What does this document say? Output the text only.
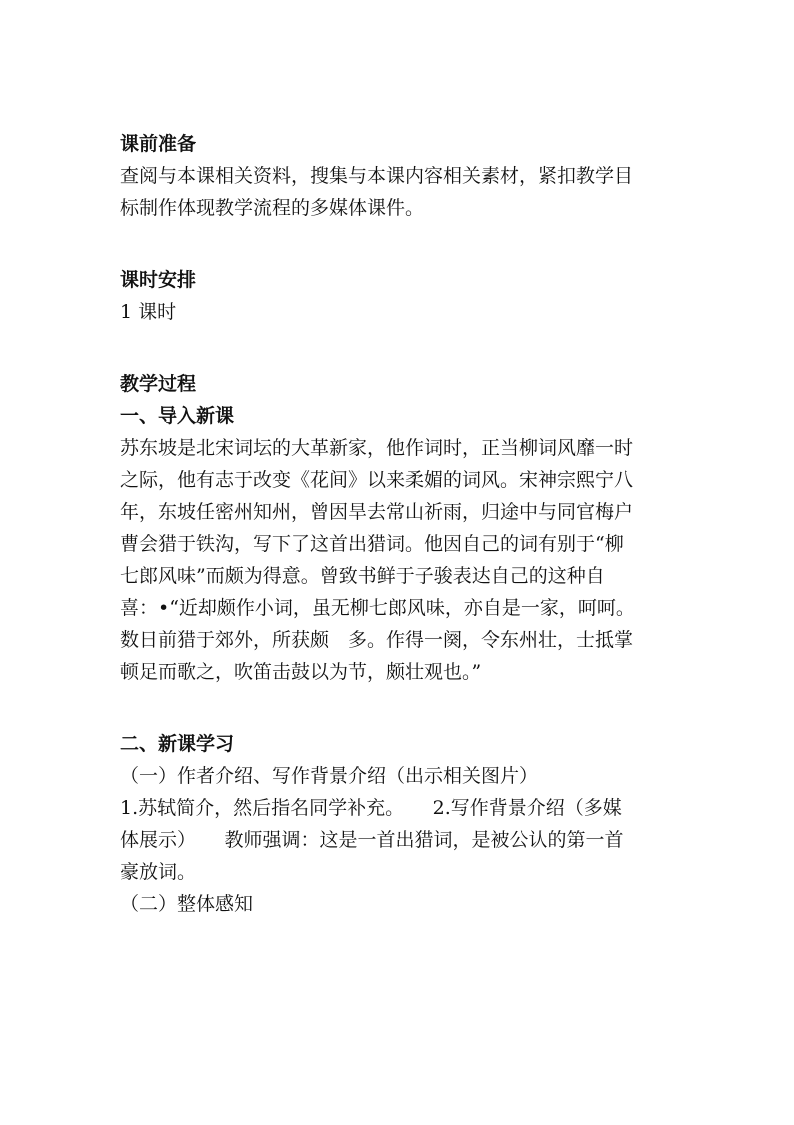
课前准备
查阅与本课相关资料，搜集与本课内容相关素材，紧扣教学目
标制作体现教学流程的多媒体课件。
课时安排
1 课时
教学过程
一、导入新课
苏东坡是北宋词坛的大革新家，他作词时，正当柳词风靡一时
之际，他有志于改变《花间》以来柔媚的词风。宋神宗熙宁八
年，东坡任密州知州，曾因旱去常山祈雨，归途中与同官梅户
曹会猎于铁沟，写下了这首出猎词。他因自己的词有别于“柳
七郎风味”而颇为得意。曾致书鲜于子骏表达自己的这种自
喜：•“近却颇作小词，虽无柳七郎风味，亦自是一家，呵呵。
数日前猎于郊外，所获颇　多。作得一阕，令东州壮，士抵掌
顿足而歌之，吹笛击鼓以为节，颇壮观也。”
二、新课学习
（一）作者介绍、写作背景介绍（出示相关图片）
1.苏轼简介，然后指名同学补充。　　2.写作背景介绍（多媒
体展示）　　教师强调：这是一首出猎词，是被公认的第一首
豪放词。
（二）整体感知
